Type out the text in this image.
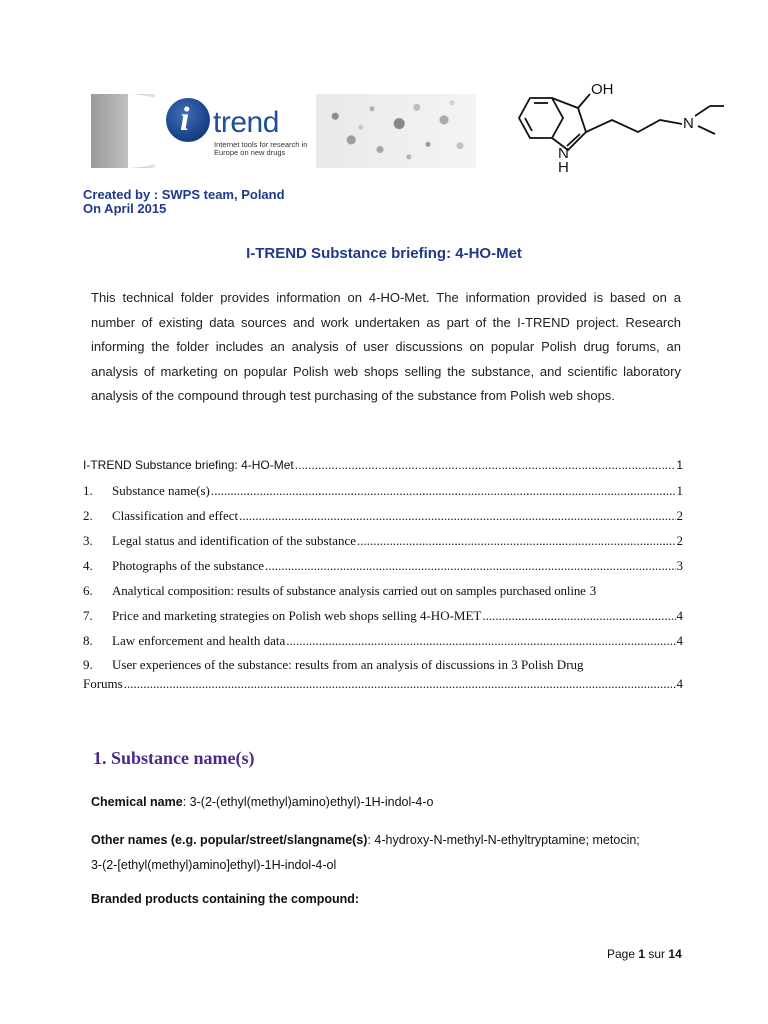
i trend
Internet tools for research in Europe on new drugs
OH
N
N
H
Created by : SWPS team, Poland
On April 2015
I-TREND Substance briefing: 4-HO-Met
This technical folder provides information on 4-HO-Met. The information provided is based on a number of existing data sources and work undertaken as part of the I-TREND project. Research informing the folder includes an analysis of user discussions on popular Polish drug forums, an analysis of marketing on popular Polish web shops selling the substance, and scientific laboratory analysis of the compound through test purchasing of the substance from Polish web shops.
I-TREND Substance briefing: 4-HO-Met .....	1
1.	Substance name(s) .....	1
2.	Classification and effect .....	2
3.	Legal status and identification of the substance .....	2
4.	Photographs of the substance .....	3
6.	Analytical composition: results of substance analysis carried out on samples purchased online 3
7.	Price and marketing strategies on Polish web shops selling 4-HO-MET .....	4
8.	Law enforcement and health data .....	4
9.	User experiences of the substance: results from an analysis of discussions in 3 Polish Drug
Forums .....	4
1. Substance name(s)
Chemical name: 3-(2-(ethyl(methyl)amino)ethyl)-1H-indol-4-o
Other names (e.g. popular/street/slangname(s): 4-hydroxy-N-methyl-N-ethyltryptamine; metocin;
3-(2-[ethyl(methyl)amino]ethyl)-1H-indol-4-ol
Branded products containing the compound:
Page 1 sur 14
